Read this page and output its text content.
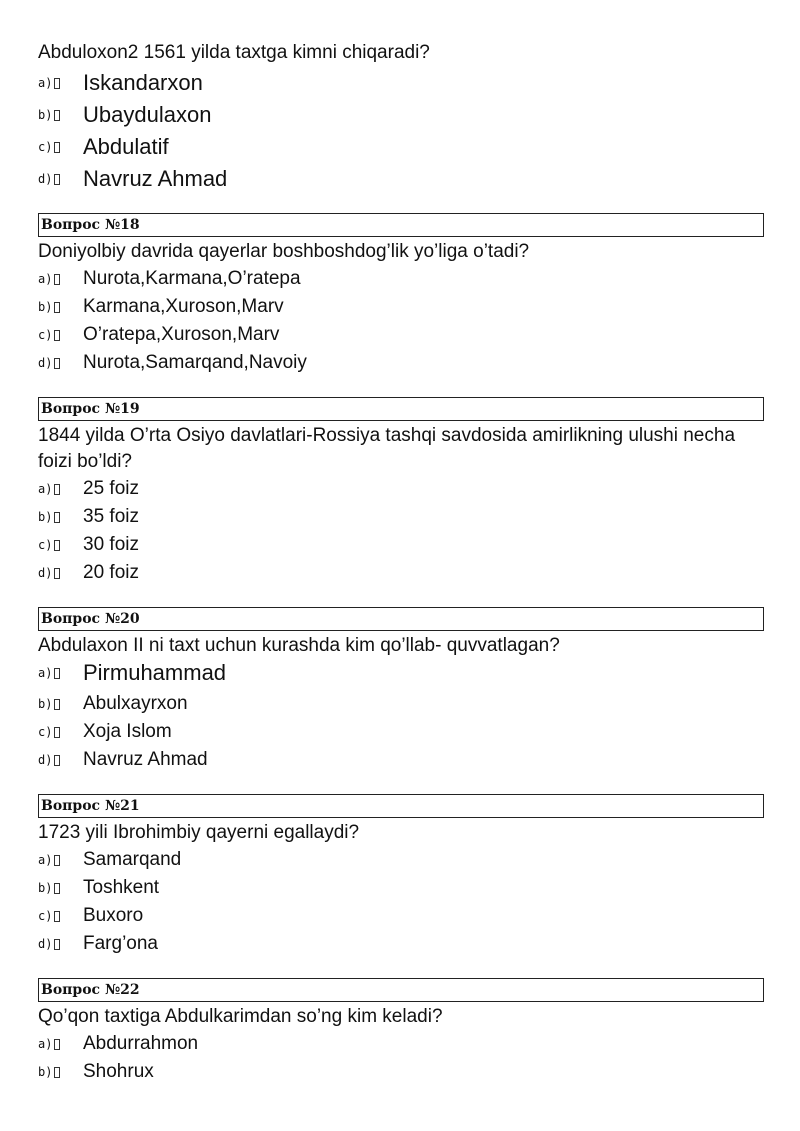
Abduloxon2 1561 yilda taxtga kimni chiqaradi?
a) Iskandarxon
b) Ubaydulaxon
c) Abdulatif
d) Navruz Ahmad
Вопрос №18
Doniyolbiy davrida qayerlar boshboshdog’lik yo’liga o’tadi?
a) Nurota,Karmana,O’ratepa
b) Karmana,Xuroson,Marv
c) O’ratepa,Xuroson,Marv
d) Nurota,Samarqand,Navoiy
Вопрос №19
1844 yilda O’rta Osiyo davlatlari-Rossiya tashqi savdosida amirlikning ulushi necha
foizi bo’ldi?
a) 25 foiz
b) 35 foiz
c) 30 foiz
d) 20 foiz
Вопрос №20
Abdulaxon II ni taxt uchun kurashda kim qo’llab- quvvatlagan?
a) Pirmuhammad
b) Abulxayrxon
c) Xoja Islom
d) Navruz Ahmad
Вопрос №21
1723 yili Ibrohimbiy qayerni egallaydi?
a) Samarqand
b) Toshkent
c) Buxoro
d) Farg’ona
Вопрос №22
Qo’qon taxtiga Abdulkarimdan so’ng kim keladi?
a) Abdurrahmon
b) Shohrux
